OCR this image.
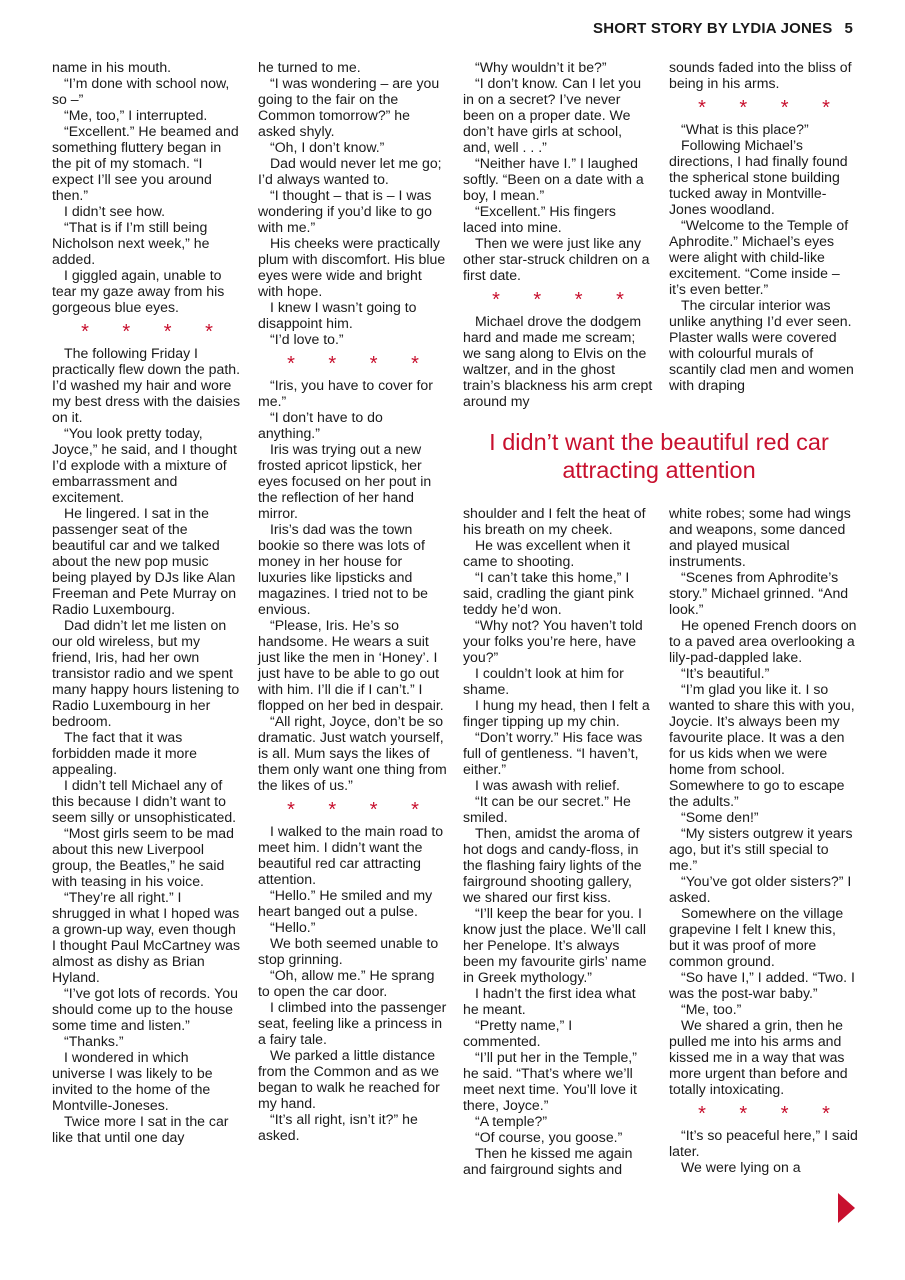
SHORT STORY BY LYDIA JONES 5

name in his mouth.

“I’m done with school now, so –”

“Me, too,” I interrupted.

“Excellent.” He beamed and something fluttery began in the pit of my stomach. “I expect I’ll see you around then.”

I didn’t see how.

“That is if I’m still being Nicholson next week,” he added.

I giggled again, unable to tear my gaze away from his gorgeous blue eyes.

* * * *

The following Friday I practically flew down the path. I’d washed my hair and wore my best dress with the daisies on it.

“You look pretty today, Joyce,” he said, and I thought I’d explode with a mixture of embarrassment and excitement.

He lingered. I sat in the passenger seat of the beautiful car and we talked about the new pop music being played by DJs like Alan Freeman and Pete Murray on Radio Luxembourg.

Dad didn’t let me listen on our old wireless, but my friend, Iris, had her own transistor radio and we spent many happy hours listening to Radio Luxembourg in her bedroom.

The fact that it was forbidden made it more appealing.

I didn’t tell Michael any of this because I didn’t want to seem silly or unsophisticated.

“Most girls seem to be mad about this new Liverpool group, the Beatles,” he said with teasing in his voice.

“They’re all right.” I shrugged in what I hoped was a grown-up way, even though I thought Paul McCartney was almost as dishy as Brian Hyland.

“I’ve got lots of records. You should come up to the house some time and listen.”

“Thanks.”

I wondered in which universe I was likely to be invited to the home of the Montville-Joneses.

Twice more I sat in the car like that until one day

he turned to me.

“I was wondering – are you going to the fair on the Common tomorrow?” he asked shyly.

“Oh, I don’t know.”

Dad would never let me go; I’d always wanted to.

“I thought – that is – I was wondering if you’d like to go with me.”

His cheeks were practically plum with discomfort. His blue eyes were wide and bright with hope.

I knew I wasn’t going to disappoint him.

“I’d love to.”

* * * *

“Iris, you have to cover for me.”

“I don’t have to do anything.”

Iris was trying out a new frosted apricot lipstick, her eyes focused on her pout in the reflection of her hand mirror.

Iris’s dad was the town bookie so there was lots of money in her house for luxuries like lipsticks and magazines. I tried not to be envious.

“Please, Iris. He’s so handsome. He wears a suit just like the men in ‘Honey’. I just have to be able to go out with him. I’ll die if I can’t.” I flopped on her bed in despair.

“All right, Joyce, don’t be so dramatic. Just watch yourself, is all. Mum says the likes of them only want one thing from the likes of us.”

* * * *

I walked to the main road to meet him. I didn’t want the beautiful red car attracting attention.

“Hello.” He smiled and my heart banged out a pulse.

“Hello.”

We both seemed unable to stop grinning.

“Oh, allow me.” He sprang to open the car door.

I climbed into the passenger seat, feeling like a princess in a fairy tale.

We parked a little distance from the Common and as we began to walk he reached for my hand.

“It’s all right, isn’t it?” he asked.

“Why wouldn’t it be?”

“I don’t know. Can I let you in on a secret? I’ve never been on a proper date. We don’t have girls at school, and, well . . .”

“Neither have I.” I laughed softly. “Been on a date with a boy, I mean.”

“Excellent.” His fingers laced into mine.

Then we were just like any other star-struck children on a first date.

* * * *

Michael drove the dodgem hard and made me scream; we sang along to Elvis on the waltzer, and in the ghost train’s blackness his arm crept around my

sounds faded into the bliss of being in his arms.

* * * *

“What is this place?”

Following Michael’s directions, I had finally found the spherical stone building tucked away in Montville-Jones woodland.

“Welcome to the Temple of Aphrodite.” Michael’s eyes were alight with child-like excitement. “Come inside – it’s even better.”

The circular interior was unlike anything I’d ever seen. Plaster walls were covered with colourful murals of scantily clad men and women with draping

I didn’t want the beautiful red car attracting attention

shoulder and I felt the heat of his breath on my cheek.

He was excellent when it came to shooting.

“I can’t take this home,” I said, cradling the giant pink teddy he’d won.

“Why not? You haven’t told your folks you’re here, have you?”

I couldn’t look at him for shame.

I hung my head, then I felt a finger tipping up my chin.

“Don’t worry.” His face was full of gentleness. “I haven’t, either.”

I was awash with relief.

“It can be our secret.” He smiled.

Then, amidst the aroma of hot dogs and candy-floss, in the flashing fairy lights of the fairground shooting gallery, we shared our first kiss.

“I’ll keep the bear for you. I know just the place. We’ll call her Penelope. It’s always been my favourite girls’ name in Greek mythology.”

I hadn’t the first idea what he meant.

“Pretty name,” I commented.

“I’ll put her in the Temple,” he said. “That’s where we’ll meet next time. You’ll love it there, Joyce.”

“A temple?”

“Of course, you goose.”

Then he kissed me again and fairground sights and

white robes; some had wings and weapons, some danced and played musical instruments.

“Scenes from Aphrodite’s story.” Michael grinned. “And look.”

He opened French doors on to a paved area overlooking a lily-pad-dappled lake.

“It’s beautiful.”

“I’m glad you like it. I so wanted to share this with you, Joycie. It’s always been my favourite place. It was a den for us kids when we were home from school. Somewhere to go to escape the adults.”

“Some den!”

“My sisters outgrew it years ago, but it’s still special to me.”

“You’ve got older sisters?” I asked.

Somewhere on the village grapevine I felt I knew this, but it was proof of more common ground.

“So have I,” I added. “Two. I was the post-war baby.”

“Me, too.”

We shared a grin, then he pulled me into his arms and kissed me in a way that was more urgent than before and totally intoxicating.

* * * *

“It’s so peaceful here,” I said later.

We were lying on a
